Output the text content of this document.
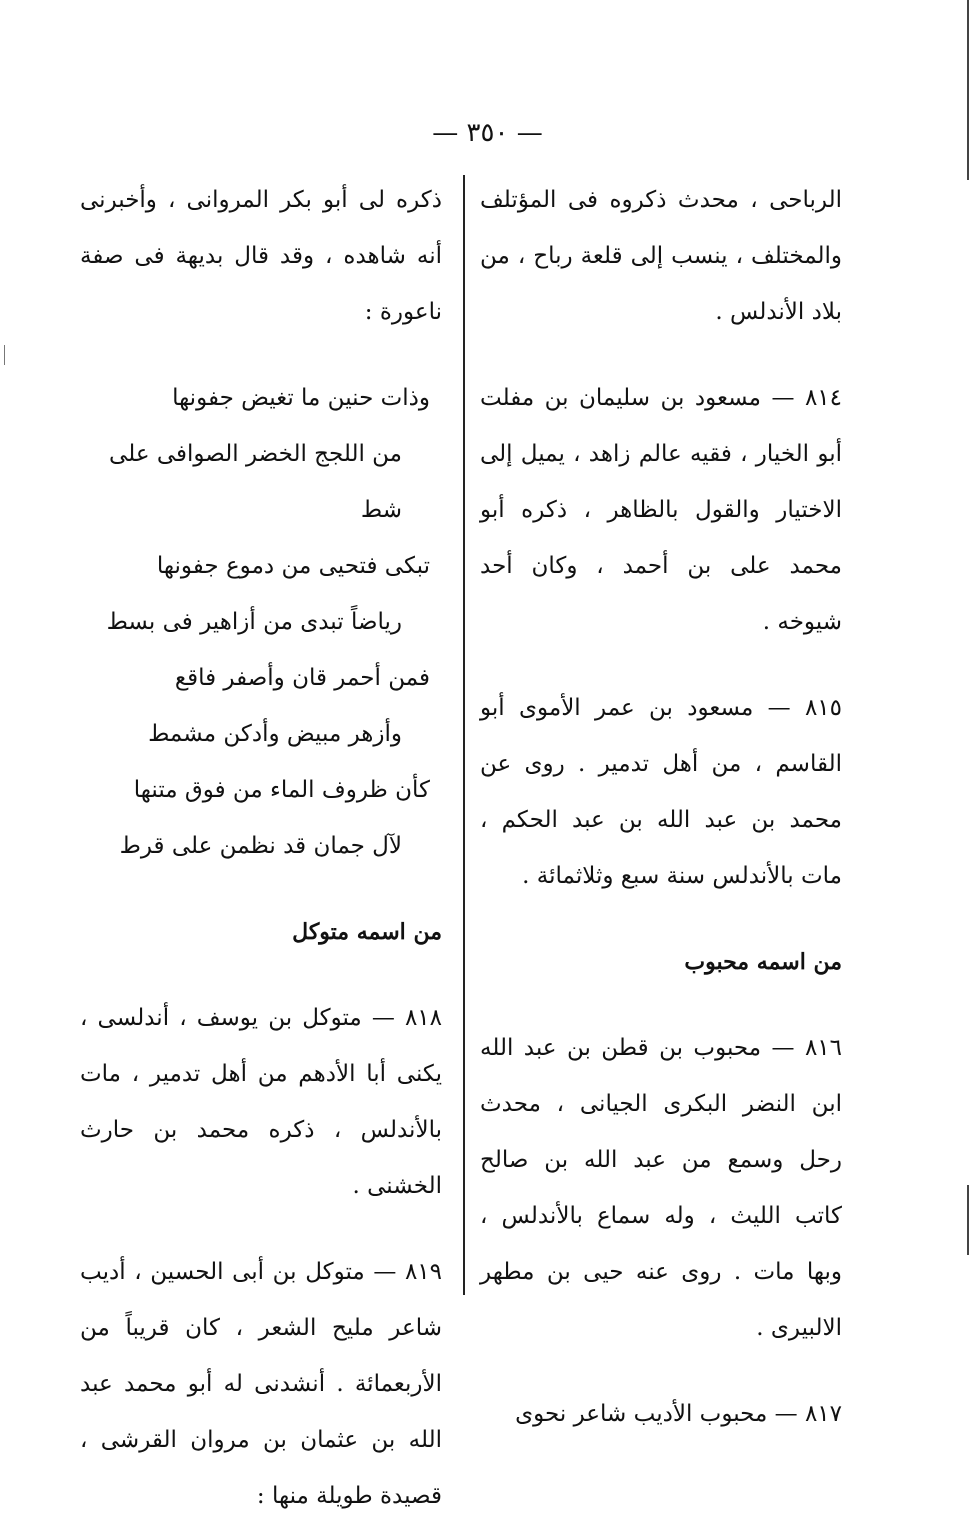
— ٣٥٠ —

الرباحى ، محدث ذكروه فى المؤتلف والمختلف ، ينسب إلى قلعة رباح ، من بلاد الأندلس .

٨١٤ — مسعود بن سليمان بن مفلت أبو الخيار ، فقيه عالم زاهد ، يميل إلى الاختيار والقول بالظاهر ، ذكره أبو محمد على بن أحمد ، وكان أحد شيوخه .

٨١٥ — مسعود بن عمر الأموى أبو القاسم ، من أهل تدمير . روى عن محمد بن عبد الله بن عبد الحكم ، مات بالأندلس سنة سبع وثلاثمائة .

من اسمه محبوب

٨١٦ — محبوب بن قطن بن عبد الله ابن النضر البكرى الجيانى ، محدث رحل وسمع من عبد الله بن صالح كاتب الليث ، وله سماع بالأندلس ، وبها مات . روى عنه حيى بن مطهر الالبيرى .

٨١٧ — محبوب الأديب شاعر نحوى

ذكره لى أبو بكر المروانى ، وأخبرنى أنه شاهده ، وقد قال بديهة فى صفة ناعورة :

وذات حنين ما تغيض جفونها

من اللجج الخضر الصوافى على شط

تبكى فتحيى من دموع جفونها

رياضاً تبدى من أزاهير فى بسط

فمن أحمر قان وأصفر فاقع

وأزهر مبيض وأدكن مشمط

كأن ظروف الماء من فوق متنها

لآل جمان قد نظمن على قرط

من اسمه متوكل

٨١٨ — متوكل بن يوسف ، أندلسى ، يكنى أبا الأدهم من أهل تدمير ، مات بالأندلس ، ذكره محمد بن حارث الخشنى .

٨١٩ — متوكل بن أبى الحسين ، أديب شاعر مليح الشعر ، كان قريباً من الأربعمائة . أنشدنى له أبو محمد عبد الله بن عثمان بن مروان القرشى ، قصيدة طويلة منها :
